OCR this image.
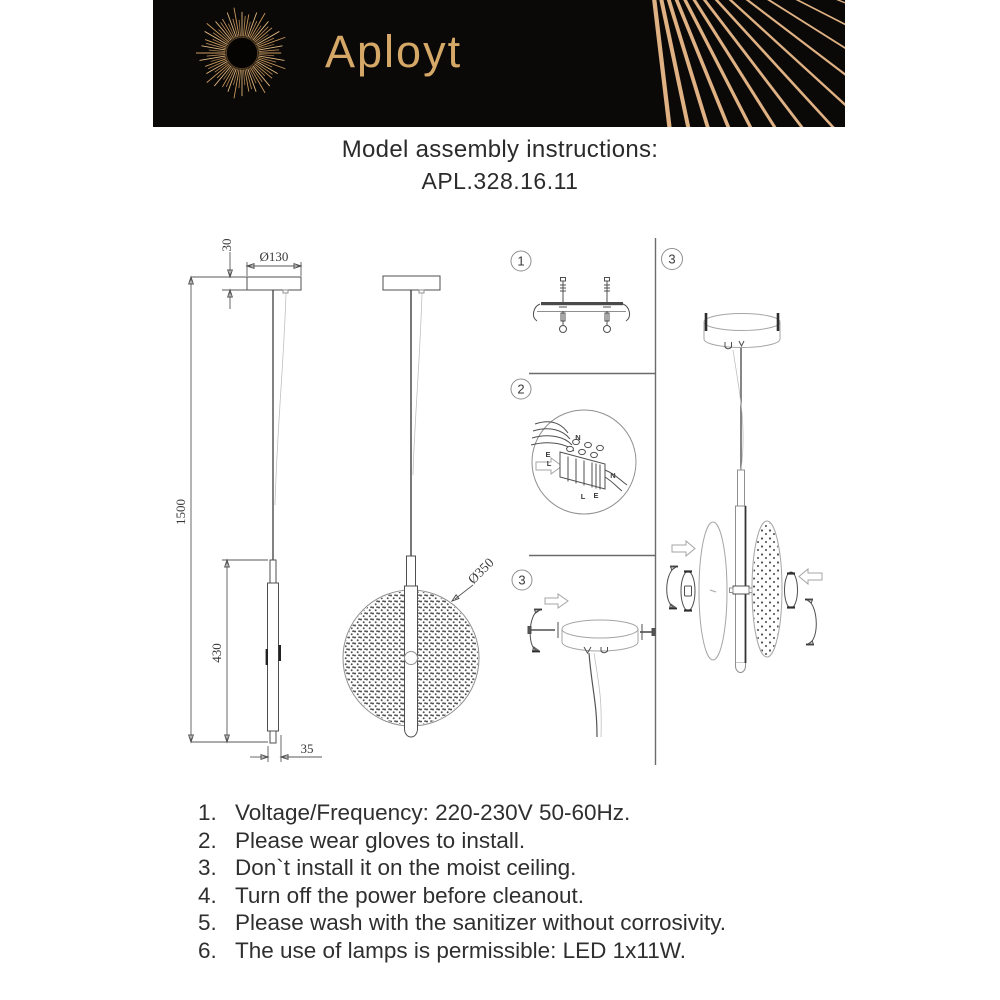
Aployt
Model assembly instructions:
APL.328.16.11
Ø130
30
1500
430
35
Ø350
1
2
N
E
L
N
L E
3
3
1. Voltage/Frequency: 220-230V 50-60Hz.
2. Please wear gloves to install.
3. Don`t install it on the moist ceiling.
4. Turn off the power before cleanout.
5. Please wash with the sanitizer without corrosivity.
6. The use of lamps is permissible: LED 1x11W.
